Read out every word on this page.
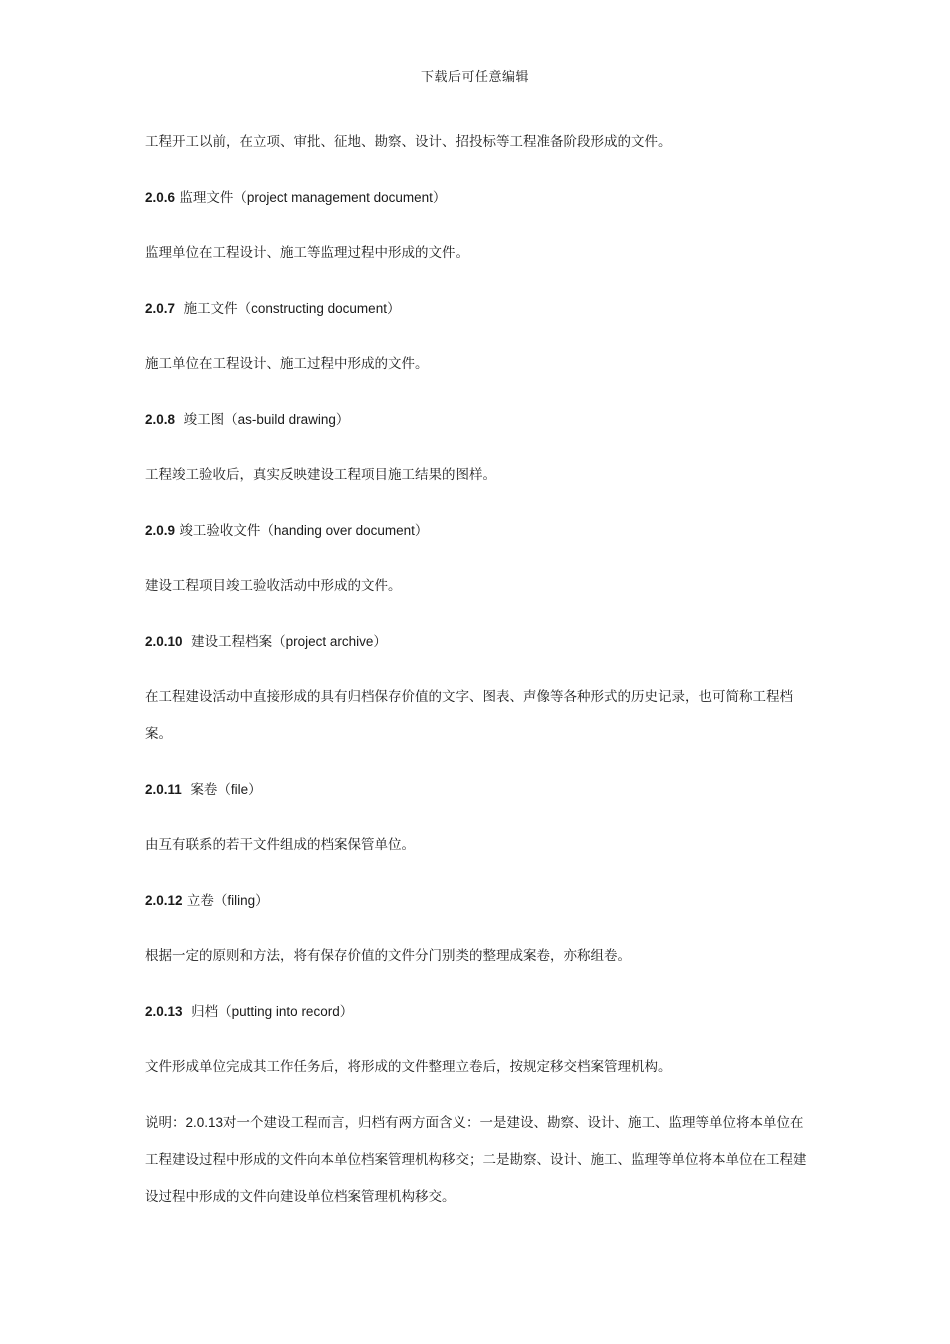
下载后可任意编辑

工程开工以前，在立项、审批、征地、勘察、设计、招投标等工程准备阶段形成的文件。

2.0.6 监理文件（project management document）

监理单位在工程设计、施工等监理过程中形成的文件。

2.0.7 施工文件（constructing document）

施工单位在工程设计、施工过程中形成的文件。

2.0.8 竣工图（as-build drawing）

工程竣工验收后，真实反映建设工程项目施工结果的图样。

2.0.9 竣工验收文件（handing over document）

建设工程项目竣工验收活动中形成的文件。

2.0.10 建设工程档案（project archive）

在工程建设活动中直接形成的具有归档保存价值的文字、图表、声像等各种形式的历史记录，也可简称工程档案。

2.0.11 案卷（file）

由互有联系的若干文件组成的档案保管单位。

2.0.12 立卷（filing）

根据一定的原则和方法，将有保存价值的文件分门别类的整理成案卷，亦称组卷。

2.0.13 归档（putting into record）

文件形成单位完成其工作任务后，将形成的文件整理立卷后，按规定移交档案管理机构。

说明：2.0.13对一个建设工程而言，归档有两方面含义：一是建设、勘察、设计、施工、监理等单位将本单位在工程建设过程中形成的文件向本单位档案管理机构移交；二是勘察、设计、施工、监理等单位将本单位在工程建设过程中形成的文件向建设单位档案管理机构移交。
